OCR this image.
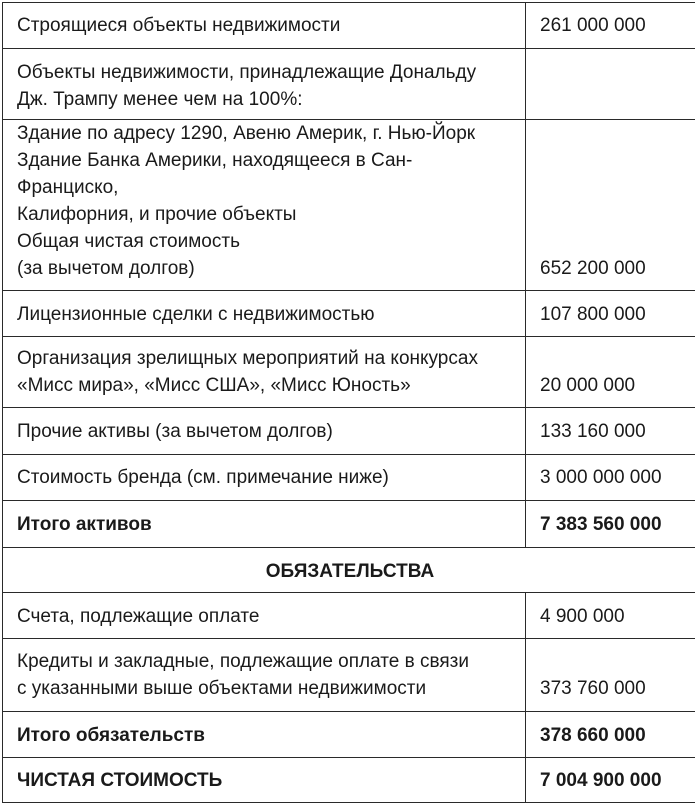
Строящиеся объекты недвижимости	261 000 000

Объекты недвижимости, принадлежащие Дональду
Дж. Трампу менее чем на 100%:	

Здание по адресу 1290, Авеню Америк, г. Нью-Йорк
Здание Банка Америки, находящееся в Сан-Франциско,
Калифорния, и прочие объекты
Общая чистая стоимость
(за вычетом долгов)	652 200 000

Лицензионные сделки с недвижимостью	107 800 000

Организация зрелищных мероприятий на конкурсах
«Мисс мира», «Мисс США», «Мисс Юность»	20 000 000

Прочие активы (за вычетом долгов)	133 160 000

Стоимость бренда (см. примечание ниже)	3 000 000 000
Итого активов	7 383 560 000
ОБЯЗАТЕЛЬСТВА	

Счета, подлежащие оплате	4 900 000

Кредиты и закладные, подлежащие оплате в связи
с указанными выше объектами недвижимости	373 760 000
Итого обязательств	378 660 000
ЧИСТАЯ СТОИМОСТЬ	7 004 900 000
